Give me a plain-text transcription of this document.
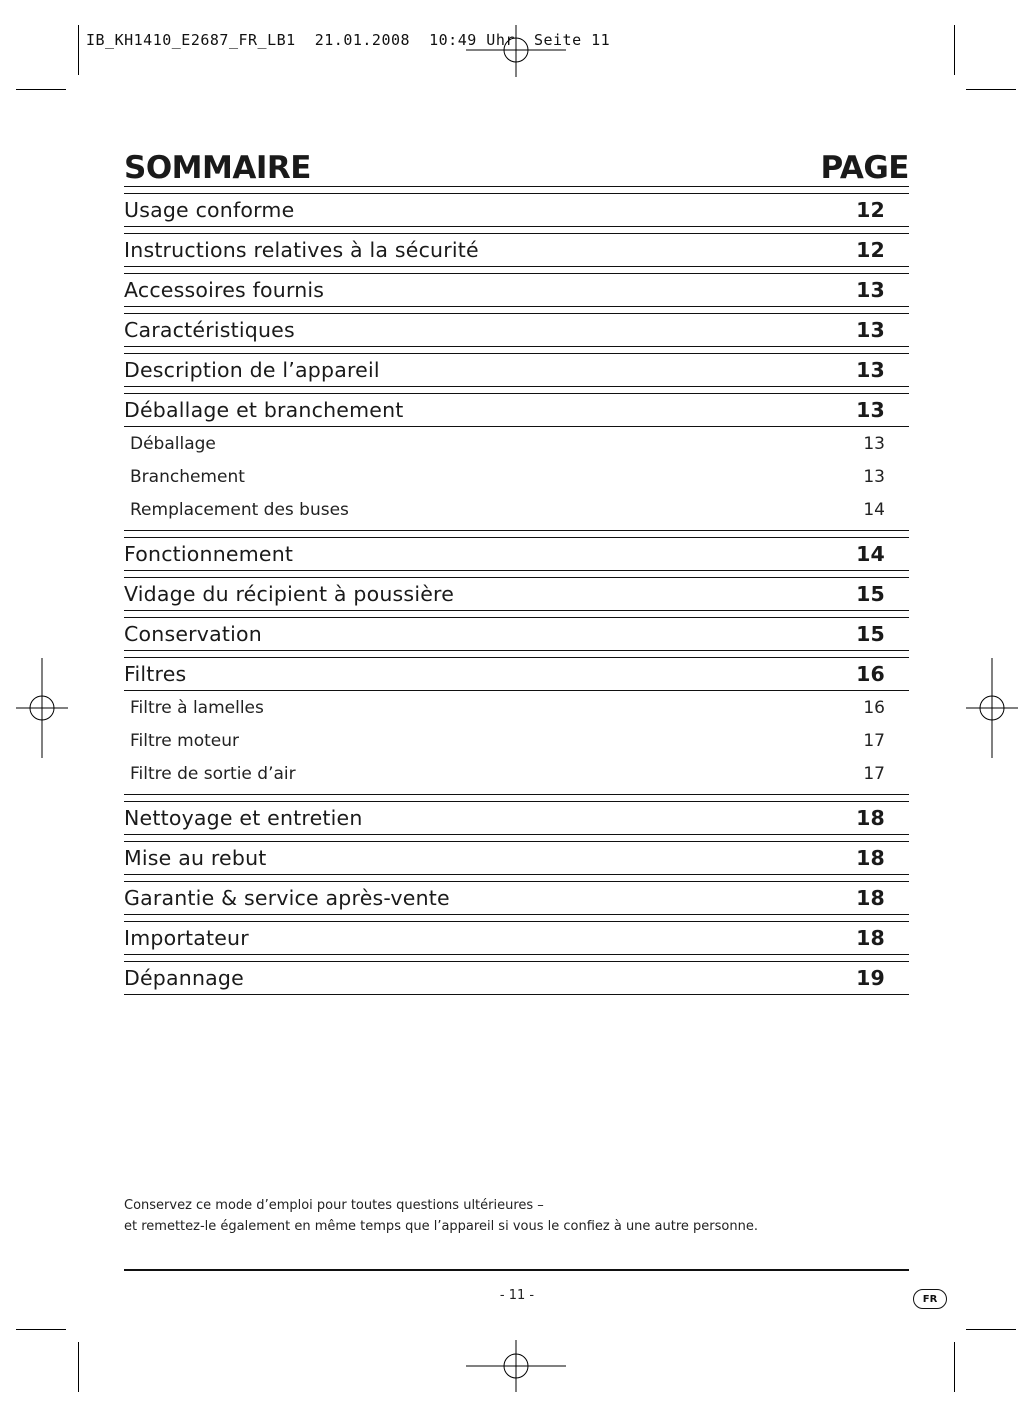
IB_KH1410_E2687_FR_LB1  21.01.2008  10:49 Uhr  Seite 11
SOMMAIRE	PAGE
Usage conforme	12
Instructions relatives à la sécurité	12
Accessoires fournis	13
Caractéristiques	13
Description de l’appareil	13
Déballage et branchement	13
Déballage	13
Branchement	13
Remplacement des buses	14
Fonctionnement	14
Vidage du récipient à poussière	15
Conservation	15
Filtres	16
Filtre à lamelles	16
Filtre moteur	17
Filtre de sortie d’air	17
Nettoyage et entretien	18
Mise au rebut	18
Garantie & service après-vente	18
Importateur	18
Dépannage	19
Conservez ce mode d’emploi pour toutes questions ultérieures –
et remettez-le également en même temps que l’appareil si vous le confiez à une autre personne.
- 11 -	FR
